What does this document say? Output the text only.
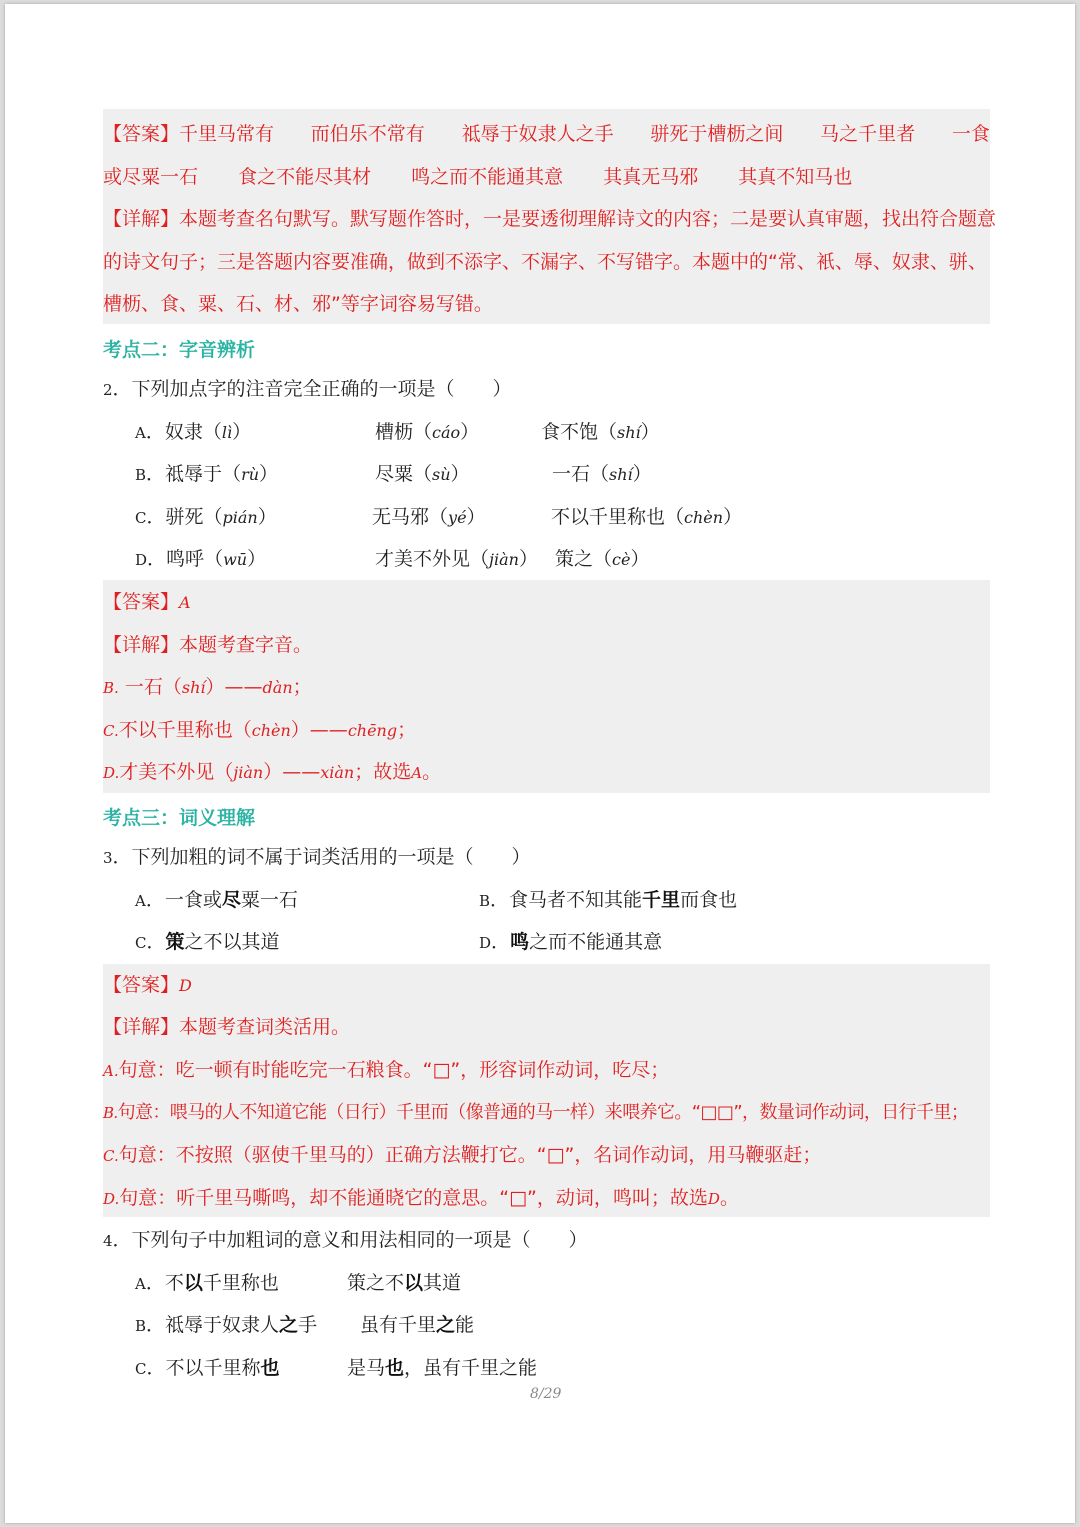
【答案】千里马常有 而伯乐不常有 祗辱于奴隶人之手 骈死于槽枥之间 马之千里者 一食
或尽粟一石 食之不能尽其材 鸣之而不能通其意 其真无马邪 其真不知马也
【详解】本题考查名句默写。默写题作答时，一是要透彻理解诗文的内容；二是要认真审题，找出符合题意
的诗文句子；三是答题内容要准确，做到不添字、不漏字、不写错字。本题中的“常、衹、辱、奴隶、骈、
槽枥、食、粟、石、材、邪”等字词容易写错。
考点二：字音辨析
2．下列加点字的注音完全正确的一项是（　　）
A．奴隶（lì）	槽枥（cáo）	食不饱（shí）
B．祗辱于（rù）	尽粟（sù）	一石（shí）
C．骈死（pián）	无马邪（yé）	不以千里称也（chèn）
D．鸣呼（wū）	才美不外见（jiàn） 策之（cè）
【答案】A
【详解】本题考查字音。
B. 一石（shí）——dàn；
C.不以千里称也（chèn）——chēng；
D.才美不外见（jiàn）——xiàn；故选A。
考点三：词义理解
3．下列加粗的词不属于词类活用的一项是（　　）
A．一食或尽粟一石	B．食马者不知其能千里而食也
C．策之不以其道	D．鸣之而不能通其意
【答案】D
【详解】本题考查词类活用。
A.句意：吃一顿有时能吃完一石粮食。“□”，形容词作动词，吃尽；
B.句意：喂马的人不知道它能（日行）千里而（像普通的马一样）来喂养它。“□□”，数量词作动词，日行千里；
C.句意：不按照（驱使千里马的）正确方法鞭打它。“□”，名词作动词，用马鞭驱赶；
D.句意：听千里马嘶鸣，却不能通晓它的意思。“□”，动词，鸣叫；故选D。
4．下列句子中加粗词的意义和用法相同的一项是（　　）
A．不以千里称也	策之不以其道
B．祗辱于奴隶人之手 虽有千里之能
C．不以千里称也	是马也，虽有千里之能
8/29
